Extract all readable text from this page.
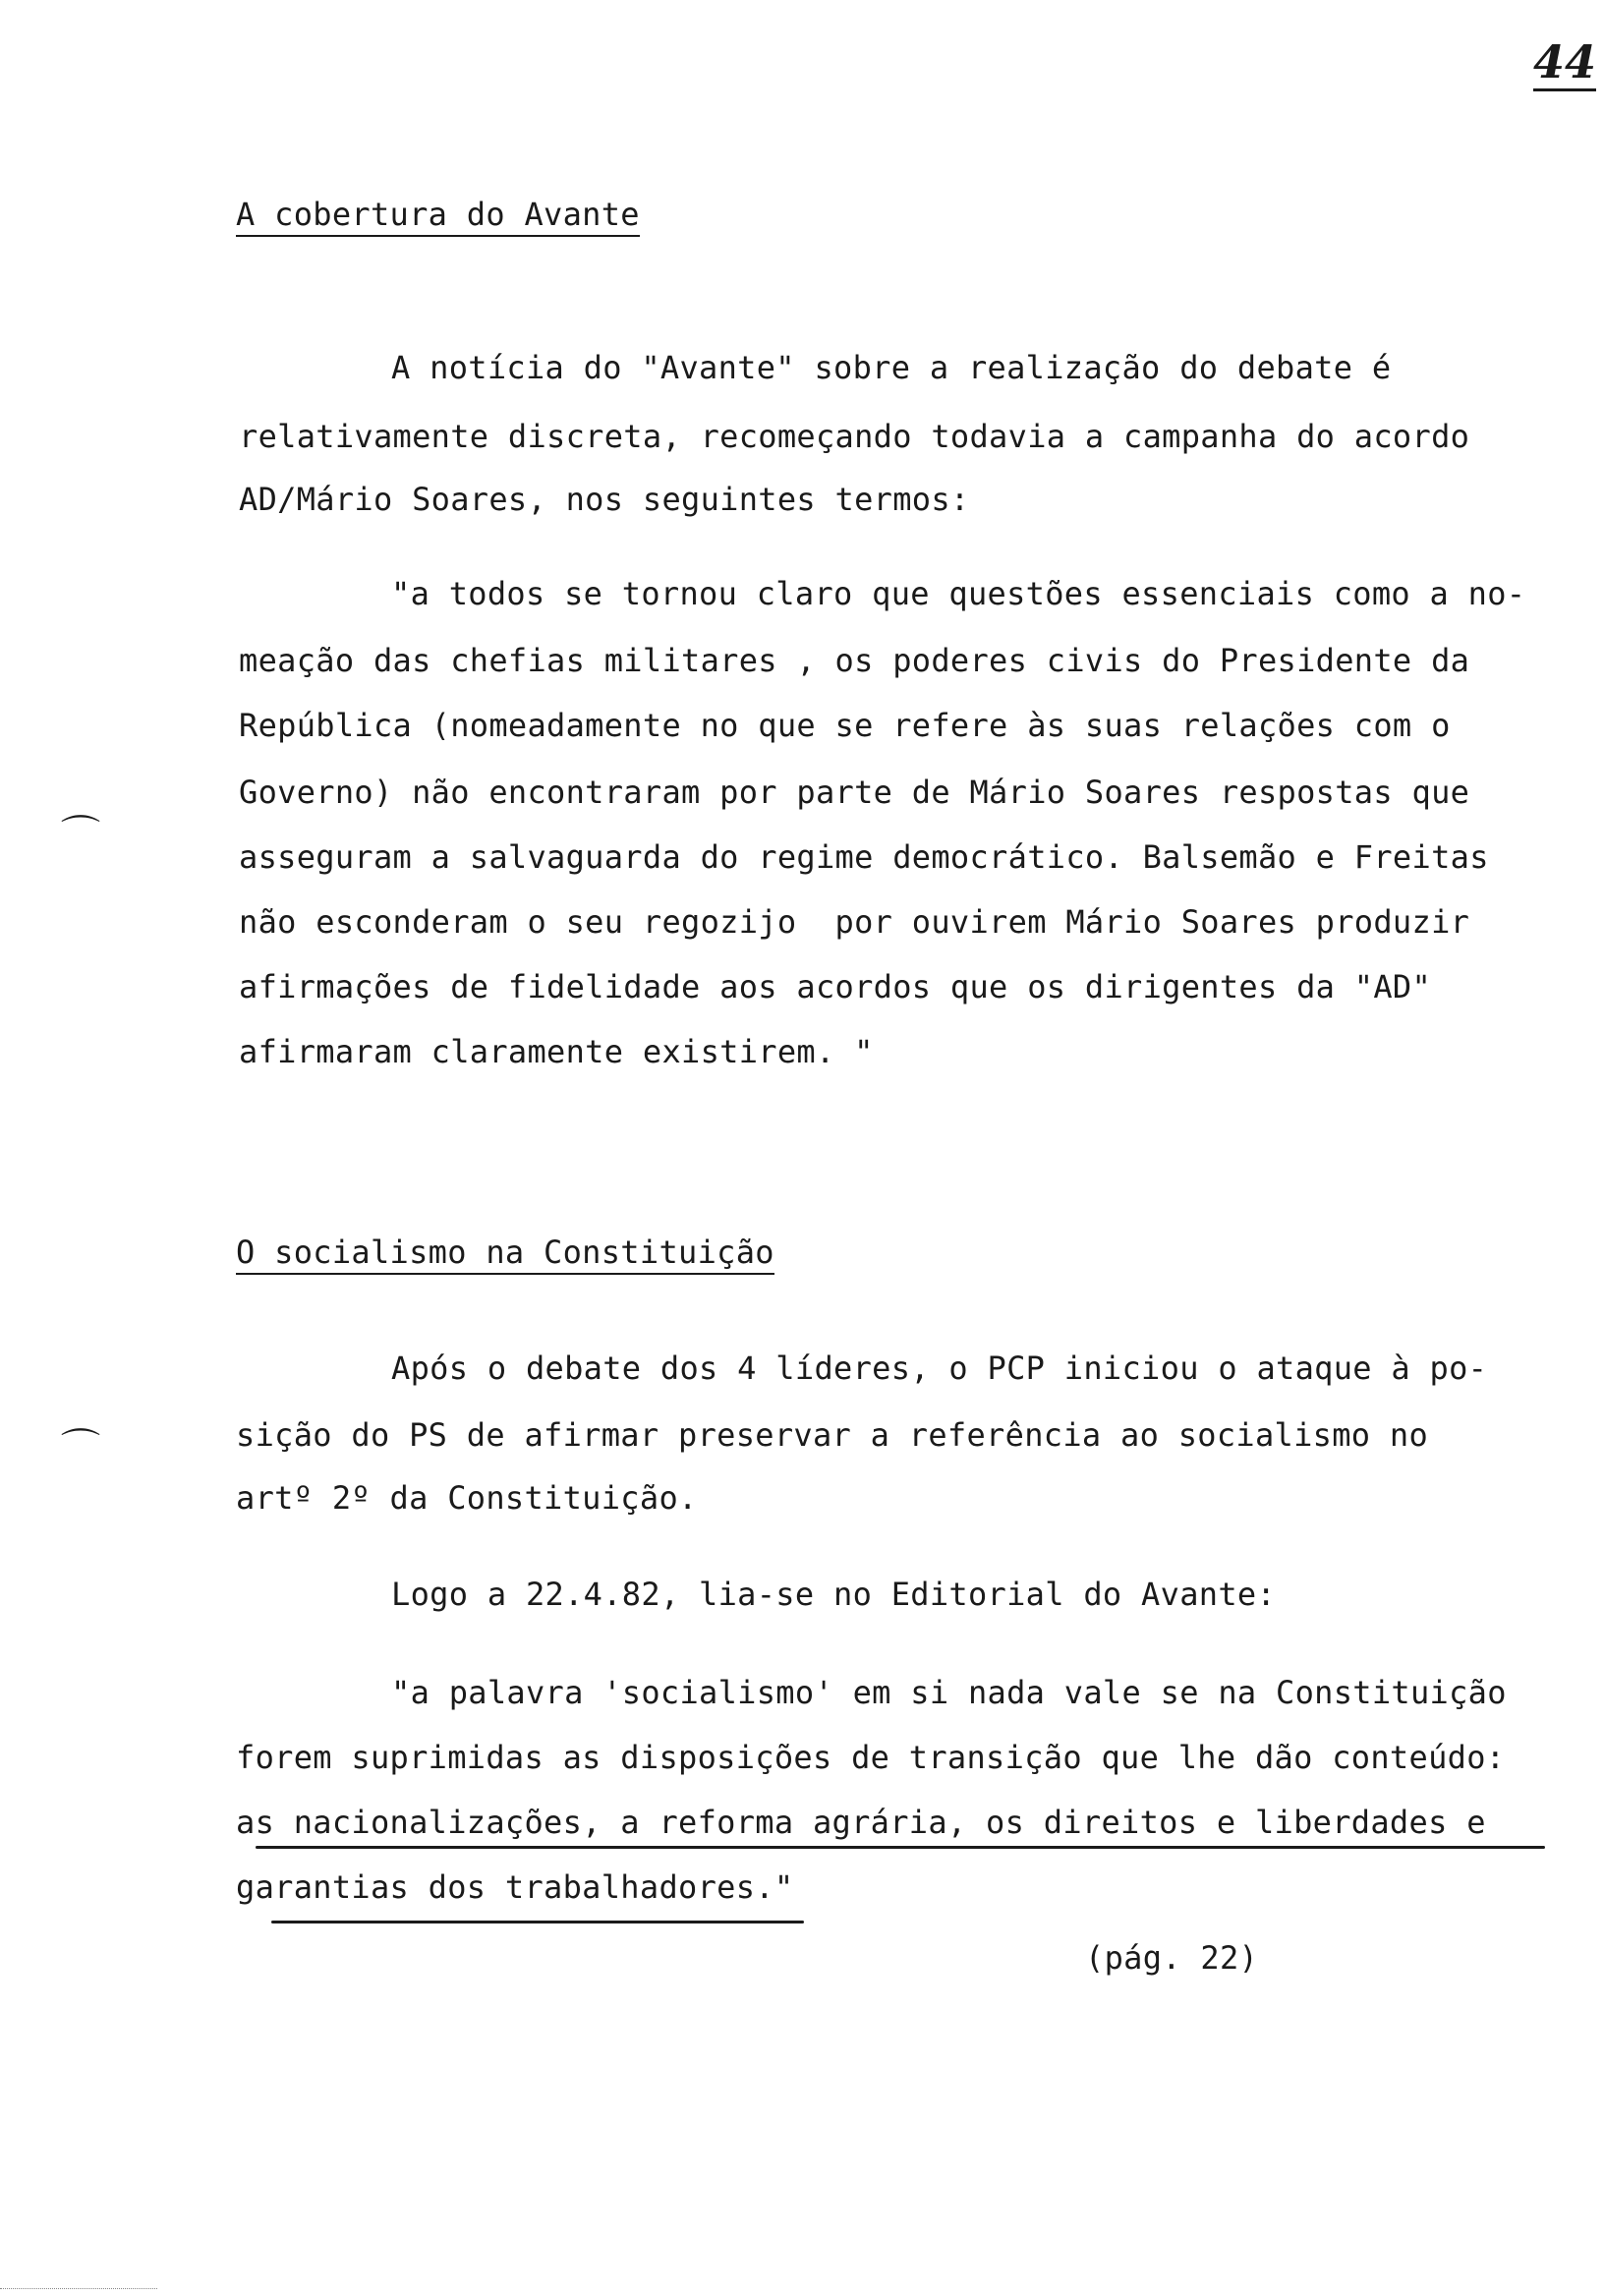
44
A cobertura do Avante
A notícia do "Avante" sobre a realização do debate é
relativamente discreta, recomeçando todavia a campanha do acordo
AD/Mário Soares, nos seguintes termos:
"a todos se tornou claro que questões essenciais como a no-
meação das chefias militares , os poderes civis do Presidente da
República (nomeadamente no que se refere às suas relações com o
Governo) não encontraram por parte de Mário Soares respostas que
asseguram a salvaguarda do regime democrático. Balsemão e Freitas
não esconderam o seu regozijo  por ouvirem Mário Soares produzir
afirmações de fidelidade aos acordos que os dirigentes da "AD"
afirmaram claramente existirem. "
⌒
⌒
O socialismo na Constituição
Após o debate dos 4 líderes, o PCP iniciou o ataque à po-
sição do PS de afirmar preservar a referência ao socialismo no
artº 2º da Constituição.
Logo a 22.4.82, lia-se no Editorial do Avante:
"a palavra 'socialismo' em si nada vale se na Constituição
forem suprimidas as disposições de transição que lhe dão conteúdo:
as nacionalizações, a reforma agrária, os direitos e liberdades e
garantias dos trabalhadores."
(pág. 22)
